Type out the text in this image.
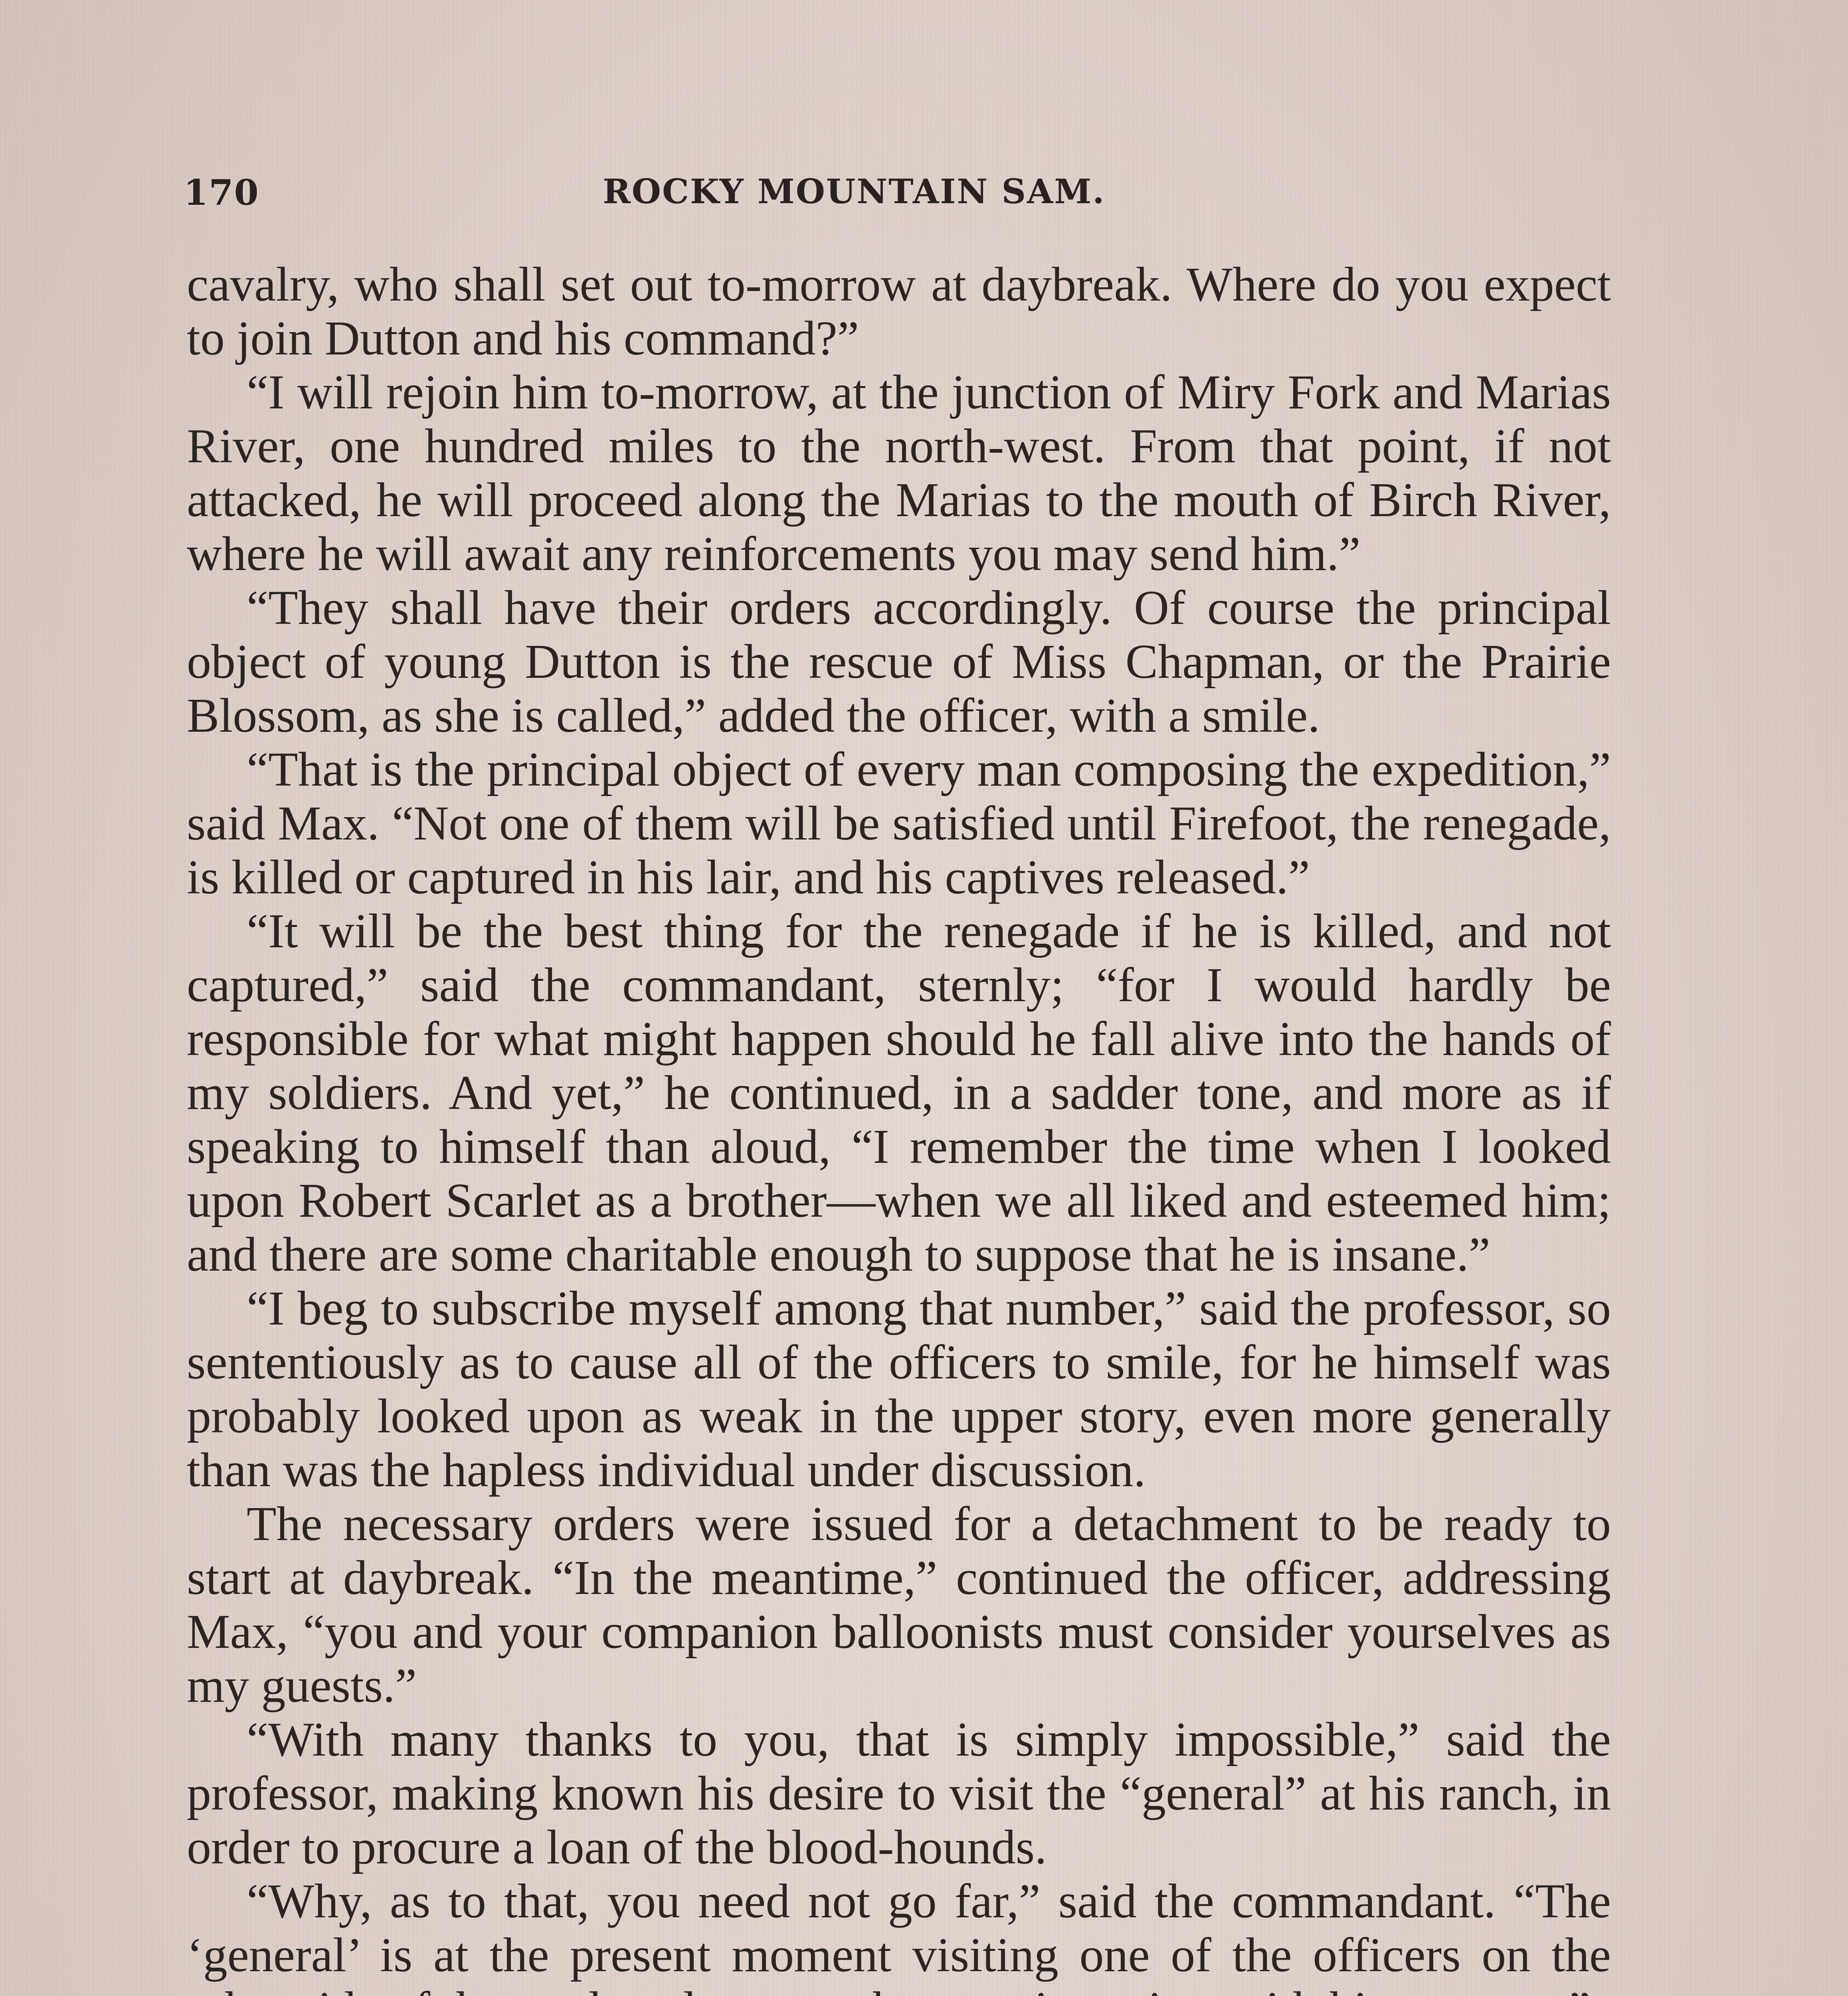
170	ROCKY MOUNTAIN SAM.

cavalry, who shall set out to-morrow at daybreak. Where do you expect to join Dutton and his command?”

“I will rejoin him to-morrow, at the junction of Miry Fork and Marias River, one hundred miles to the north-west. From that point, if not attacked, he will proceed along the Marias to the mouth of Birch River, where he will await any reinforcements you may send him.”

“They shall have their orders accordingly. Of course the principal object of young Dutton is the rescue of Miss Chapman, or the Prairie Blossom, as she is called,” added the officer, with a smile.

“That is the principal object of every man composing the expedition,” said Max. “Not one of them will be satisfied until Firefoot, the renegade, is killed or captured in his lair, and his captives released.”

“It will be the best thing for the renegade if he is killed, and not captured,” said the commandant, sternly; “for I would hardly be responsible for what might happen should he fall alive into the hands of my soldiers. And yet,” he continued, in a sadder tone, and more as if speaking to himself than aloud, “I remember the time when I looked upon Robert Scarlet as a brother—when we all liked and esteemed him; and there are some charitable enough to suppose that he is insane.”

“I beg to subscribe myself among that number,” said the professor, so sententiously as to cause all of the officers to smile, for he himself was probably looked upon as weak in the upper story, even more generally than was the hapless individual under discussion.

The necessary orders were issued for a detachment to be ready to start at daybreak. “In the meantime,” continued the officer, addressing Max, “you and your companion balloonists must consider yourselves as my guests.”

“With many thanks to you, that is simply impossible,” said the professor, making known his desire to visit the “general” at his ranch, in order to procure a loan of the blood-hounds.

“Why, as to that, you need not go far,” said the commandant. “The ‘general’ is at the present moment visiting one of the officers on the
